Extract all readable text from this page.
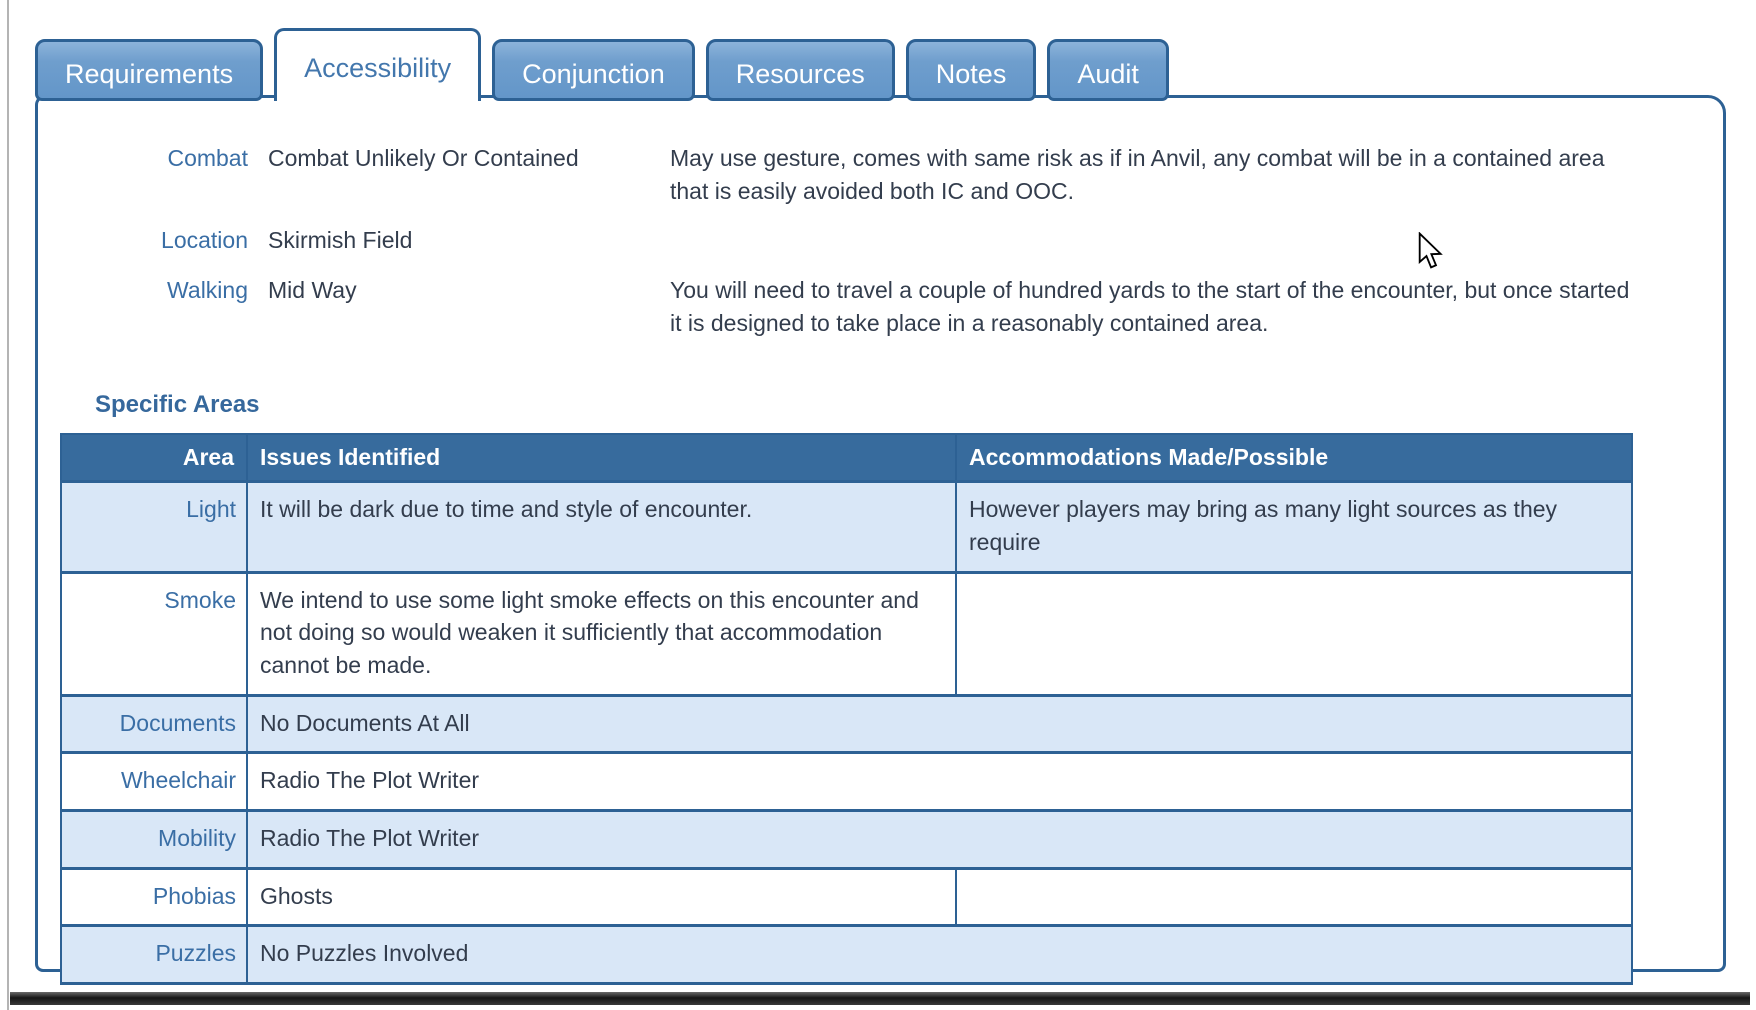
Requirements	Accessibility	Conjunction	Resources	Notes	Audit
Combat Combat Unlikely Or Contained	May use gesture, comes with same risk as if in Anvil, any combat will be in a contained area that is easily avoided both IC and OOC.
Location Skirmish Field
Walking Mid Way	You will need to travel a couple of hundred yards to the start of the encounter, but once started it is designed to take place in a reasonably contained area.
Specific Areas
Area	Issues Identified	Accommodations Made/Possible
Light	It will be dark due to time and style of encounter.	However players may bring as many light sources as they require
Smoke	We intend to use some light smoke effects on this encounter and not doing so would weaken it sufficiently that accommodation cannot be made.	
Documents	No Documents At All	
Wheelchair	Radio The Plot Writer	
Mobility	Radio The Plot Writer	
Phobias	Ghosts	
Puzzles	No Puzzles Involved	
